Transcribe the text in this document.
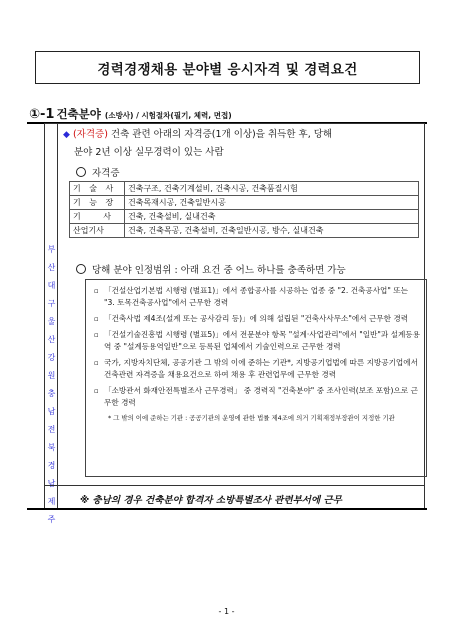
경력경쟁채용 분야별 응시자격 및 경력요건
①-1 건축분야 (소방사) / 시험절차(필기, 체력, 면접)
부산
대구
울산
강원
충남
전북
경남
제주
◆ (자격증) 건축 관련 아래의 자격증(1개 이상)을 취득한 후, 당해
분야 2년 이상 실무경력이 있는 사람
자격증
기 술 사	건축구조, 건축기계설비, 건축시공, 건축품질시험
기 능 장	건축목재시공, 건축일반시공
기 사	건축, 건축설비, 실내건축
산업기사	건축, 건축목공, 건축설비, 건축일반시공, 방수, 실내건축
당해 분야 인정범위 : 아래 요건 중 어느 하나를 충족하면 가능
▫ 「건설산업기본법 시행령 (별표1)」에서 종합공사를 시공하는 업종 중 "2. 건축공사업" 또는 "3. 토목건축공사업"에서 근무한 경력
▫ 「건축사법 제4조(설계 또는 공사감리 등)」에 의해 설립된 "건축사사무소"에서 근무한 경력
▫ 「건설기술진흥법 시행령 (별표5)」에서 전문분야 항목 "설계·사업관리"에서 "일반"과 설계등용역 중 "설계등용역일반"으로 등록된 업체에서 기술인력으로 근무한 경력
▫ 국가, 지방자치단체, 공공기관 그 밖의 이에 준하는 기관*, 지방공기업법에 따른 지방공기업에서 건축관련 자격증을 채용요건으로 하여 채용 후 관련업무에 근무한 경력
▫ 「소방관서 화재안전특별조사 근무경력」 중 경력직 "건축분야" 중 조사인력(보조 포함)으로 근무한 경력
* 그 밖의 이에 준하는 기관 : 공공기관의 운영에 관한 법률 제4조에 의거 기획재정부장관이 지정한 기관
※ 충남의 경우 건축분야 합격자 소방특별조사 관련부서에 근무
- 1 -
